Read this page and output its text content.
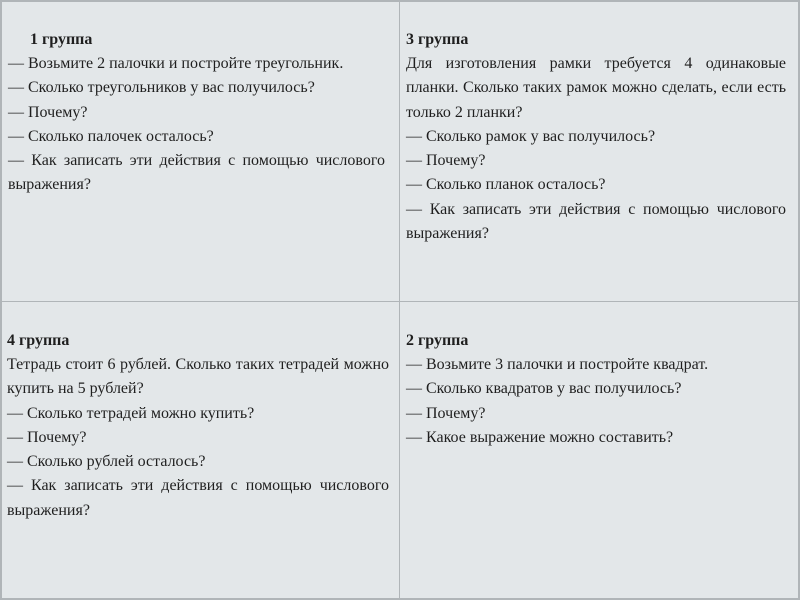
1 группа

— Возьмите 2 палочки и постройте треугольник.

— Сколько треугольников у вас получилось?

— Почему?

— Сколько палочек осталось?

— Как записать эти действия с помощью числового выражения?

3 группа

Для изготовления рамки требуется 4 одинаковые планки. Сколько таких рамок можно сделать, если есть только 2 планки?

— Сколько рамок у вас получилось?

— Почему?

— Сколько планок осталось?

— Как записать эти действия с помощью числового выражения?

4 группа

Тетрадь стоит 6 рублей. Сколько таких тетрадей можно купить на 5 рублей?

— Сколько тетрадей можно купить?

— Почему?

— Сколько рублей осталось?

— Как записать эти действия с помощью числового выражения?

2 группа

— Возьмите 3 палочки и постройте квадрат.

— Сколько квадратов у вас получилось?

— Почему?

— Какое выражение можно составить?
